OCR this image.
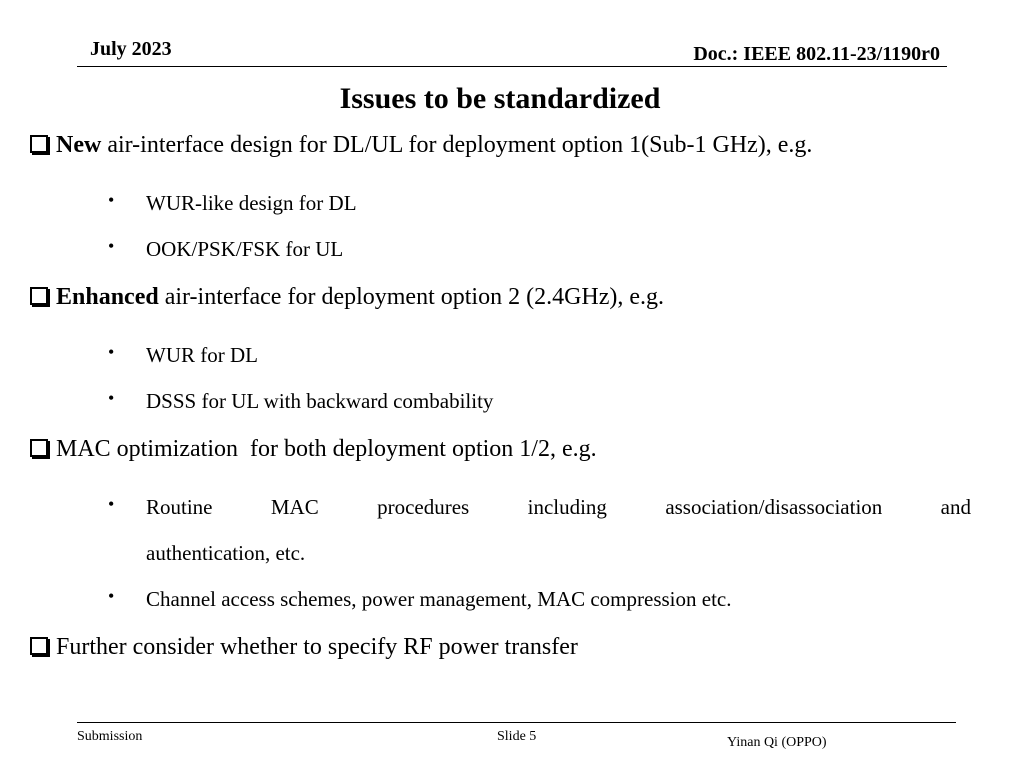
July 2023	Doc.: IEEE 802.11-23/1190r0
Issues to be standardized
New air-interface design for DL/UL for deployment option 1(Sub-1 GHz), e.g.
• WUR-like design for DL
• OOK/PSK/FSK for UL
Enhanced air-interface for deployment option 2 (2.4GHz), e.g.
• WUR for DL
• DSSS for UL with backward combability
MAC optimization  for both deployment option 1/2, e.g.
• Routine	MAC	procedures	including	association/disassociation	and
authentication, etc.
• Channel access schemes, power management, MAC compression etc.
Further consider whether to specify RF power transfer
Submission	Slide 5	Yinan Qi (OPPO)
